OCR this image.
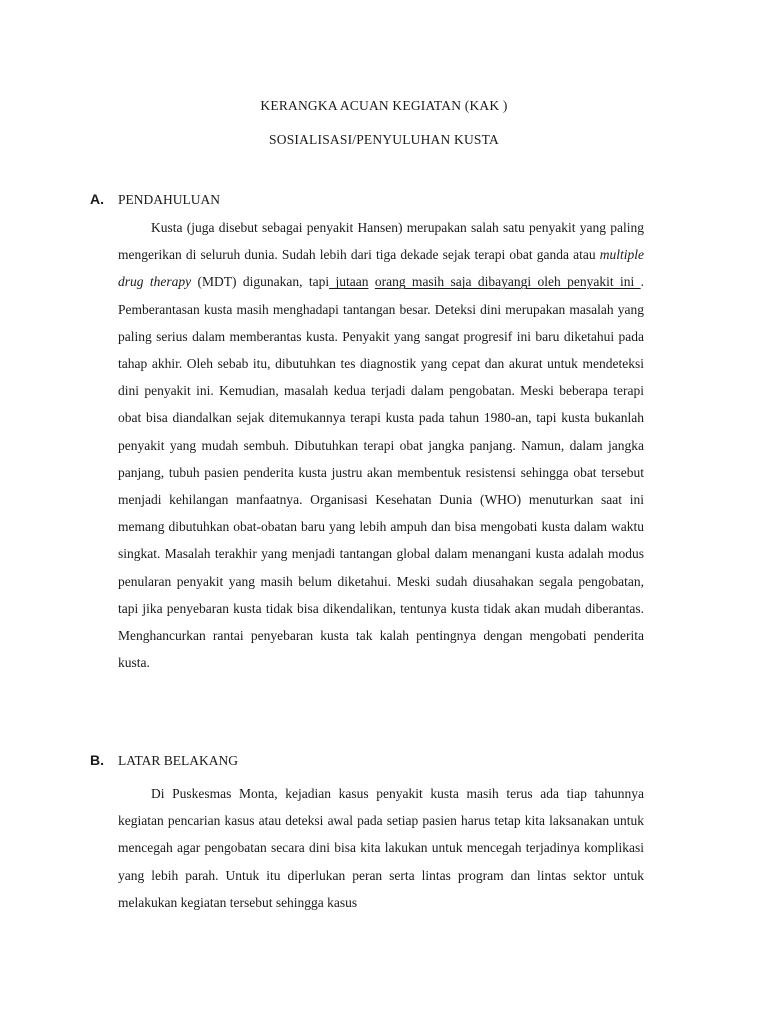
KERANGKA ACUAN KEGIATAN (KAK )

SOSIALISASI/PENYULUHAN KUSTA

A.	PENDAHULUAN

Kusta (juga disebut sebagai penyakit Hansen) merupakan salah satu penyakit yang paling mengerikan di seluruh dunia. Sudah lebih dari tiga dekade sejak terapi obat ganda atau multiple drug therapy (MDT) digunakan, tapi jutaan orang masih saja dibayangi oleh penyakit ini . Pemberantasan kusta masih menghadapi tantangan besar. Deteksi dini merupakan masalah yang paling serius dalam memberantas kusta. Penyakit yang sangat progresif ini baru diketahui pada tahap akhir. Oleh sebab itu, dibutuhkan tes diagnostik yang cepat dan akurat untuk mendeteksi dini penyakit ini. Kemudian, masalah kedua terjadi dalam pengobatan. Meski beberapa terapi obat bisa diandalkan sejak ditemukannya terapi kusta pada tahun 1980-an, tapi kusta bukanlah penyakit yang mudah sembuh. Dibutuhkan terapi obat jangka panjang. Namun, dalam jangka panjang, tubuh pasien penderita kusta justru akan membentuk resistensi sehingga obat tersebut menjadi kehilangan manfaatnya. Organisasi Kesehatan Dunia (WHO) menuturkan saat ini memang dibutuhkan obat-obatan baru yang lebih ampuh dan bisa mengobati kusta dalam waktu singkat. Masalah terakhir yang menjadi tantangan global dalam menangani kusta adalah modus penularan penyakit yang masih belum diketahui. Meski sudah diusahakan segala pengobatan, tapi jika penyebaran kusta tidak bisa dikendalikan, tentunya kusta tidak akan mudah diberantas. Menghancurkan rantai penyebaran kusta tak kalah pentingnya dengan mengobati penderita kusta.

B.	LATAR BELAKANG

Di Puskesmas Monta, kejadian kasus penyakit kusta masih terus ada tiap tahunnya kegiatan pencarian kasus atau deteksi awal pada setiap pasien harus tetap kita laksanakan untuk mencegah agar pengobatan secara dini bisa kita lakukan untuk mencegah terjadinya komplikasi yang lebih parah. Untuk itu diperlukan peran serta lintas program dan lintas sektor untuk melakukan kegiatan tersebut sehingga kasus
